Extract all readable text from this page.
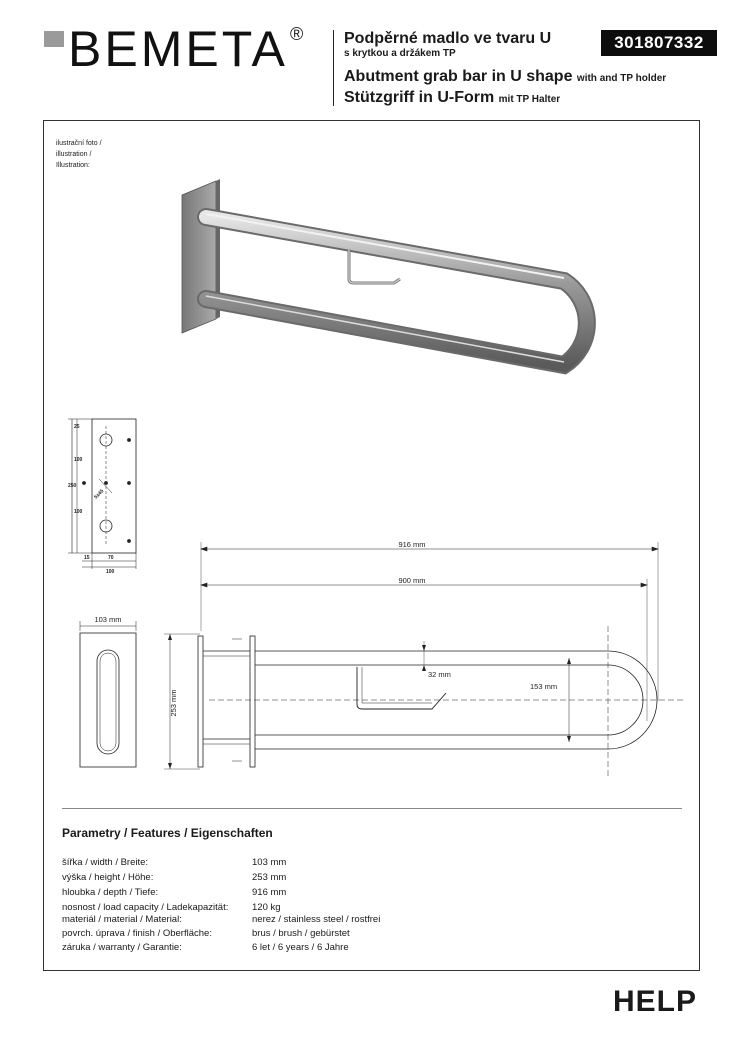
BEMETA ®	Podpěrné madlo ve tvaru U
s krytkou a držákem TP
Abutment grab bar in U shape with and TP holder
Stützgriff in U-Form mit TP Halter
301807332
ilustrační foto /
illustration /
Illustration:
25
100
250
100
15	70
100
5x45
916 mm
900 mm
103 mm
253 mm
32 mm
153 mm
Parametry / Features / Eigenschaften
šířka / width / Breite:	103 mm
výška / height / Höhe:	253 mm
hloubka / depth / Tiefe:	916 mm
nosnost / load capacity / Ladekapazität: 120 kg
materiál / material / Material:	nerez / stainless steel / rostfrei
povrch. úprava / finish / Oberfläche:	brus / brush / gebürstet
záruka / warranty / Garantie:	6 let / 6 years / 6 Jahre
HELP
